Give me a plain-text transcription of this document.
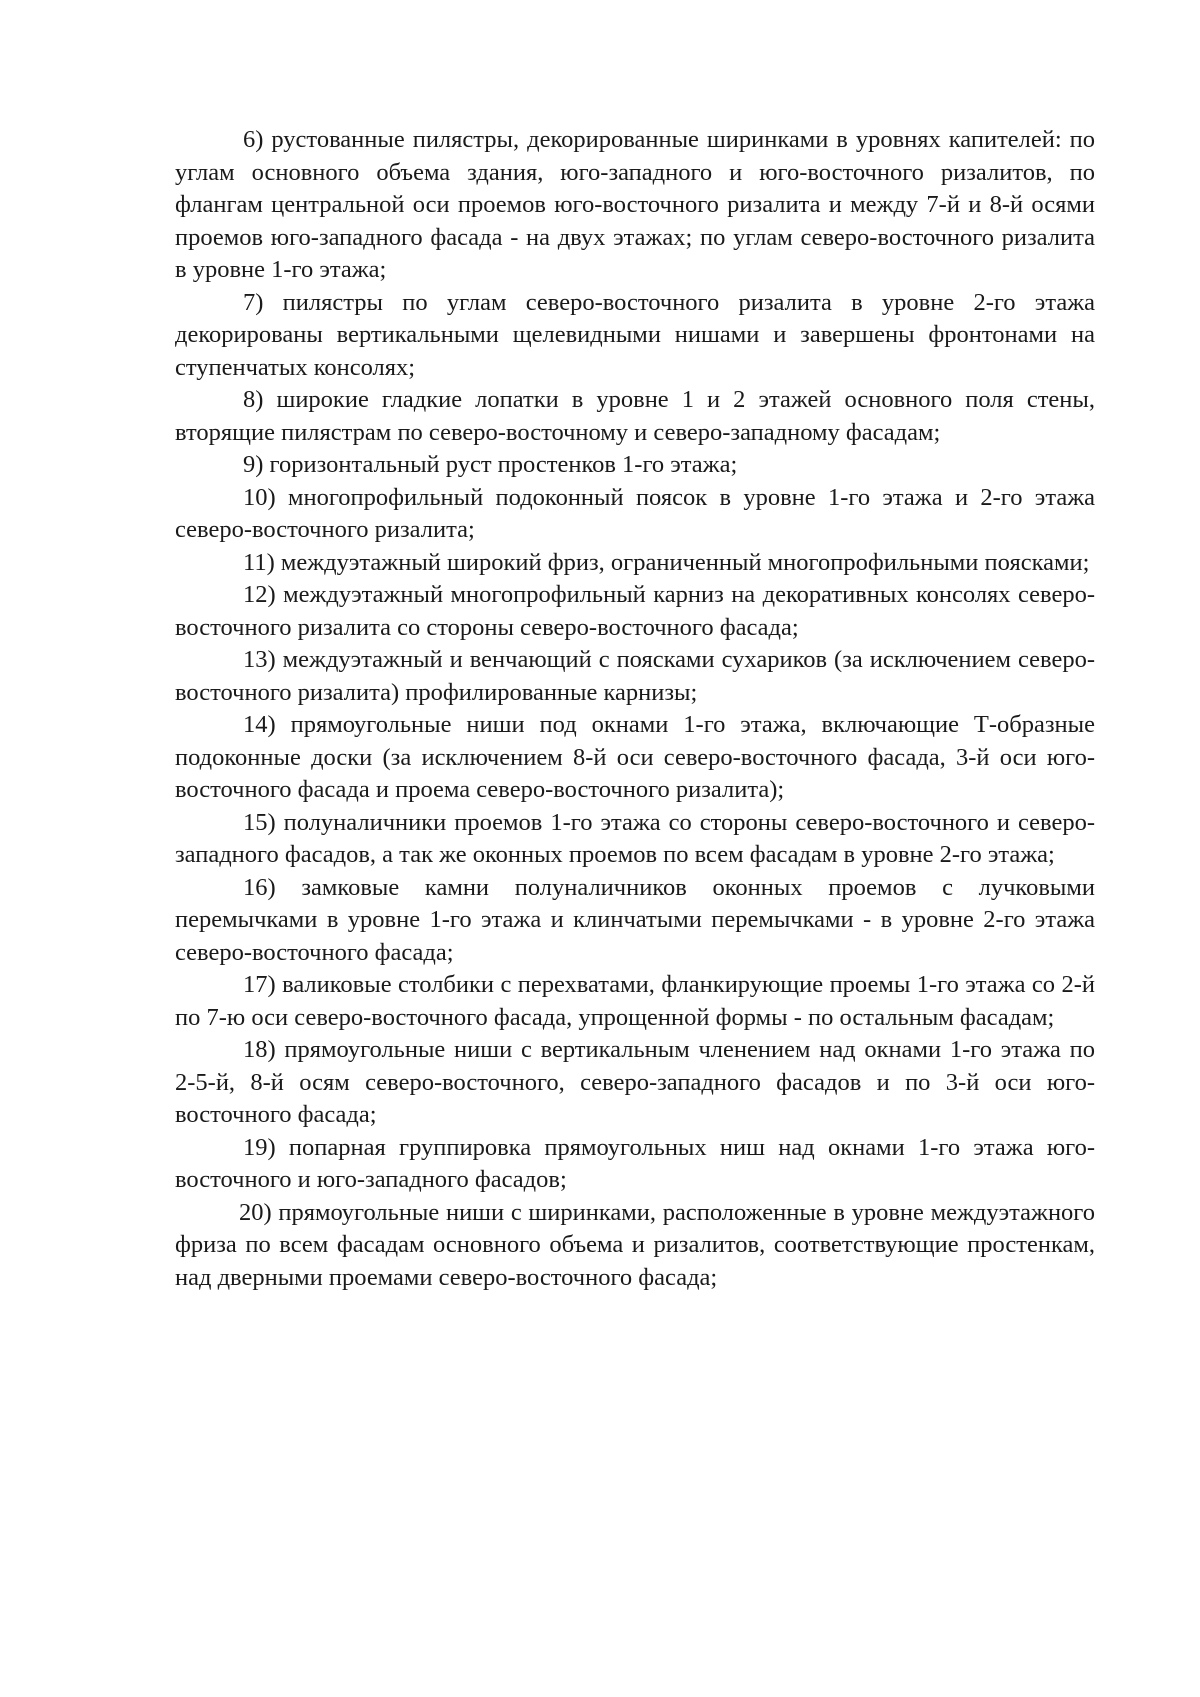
6) рустованные пилястры, декорированные ширинками в уровнях капителей: по углам основного объема здания, юго-западного и юго-восточного ризалитов, по флангам центральной оси проемов юго-восточного ризалита и между 7-й и 8-й осями проемов юго-западного фасада - на двух этажах; по углам северо-восточного ризалита в уровне 1-го этажа;

7) пилястры по углам северо-восточного ризалита в уровне 2-го этажа декорированы вертикальными щелевидными нишами и завершены фронтонами на ступенчатых консолях;

8) широкие гладкие лопатки в уровне 1 и 2 этажей основного поля стены, вторящие пилястрам по северо-восточному и северо-западному фасадам;

9) горизонтальный руст простенков 1-го этажа;

10) многопрофильный подоконный поясок в уровне 1-го этажа и 2-го этажа северо-восточного ризалита;

11) междуэтажный широкий фриз, ограниченный многопрофильными поясками;

12) междуэтажный многопрофильный карниз на декоративных консолях северо-восточного ризалита со стороны северо-восточного фасада;

13) междуэтажный и венчающий с поясками сухариков (за исключением северо-восточного ризалита) профилированные карнизы;

14) прямоугольные ниши под окнами 1-го этажа, включающие Т-образные подоконные доски (за исключением 8-й оси северо-восточного фасада, 3-й оси юго-восточного фасада и проема северо-восточного ризалита);

15) полуналичники проемов 1-го этажа со стороны северо-восточного и северо-западного фасадов, а так же оконных проемов по всем фасадам в уровне 2-го этажа;

16) замковые камни полуналичников оконных проемов с лучковыми перемычками в уровне 1-го этажа и клинчатыми перемычками - в уровне 2-го этажа северо-восточного фасада;

17) валиковые столбики с перехватами, фланкирующие проемы 1-го этажа со 2-й по 7-ю оси северо-восточного фасада, упрощенной формы - по остальным фасадам;

18) прямоугольные ниши с вертикальным членением над окнами 1-го этажа по 2-5-й, 8-й осям северо-восточного, северо-западного фасадов и по 3-й оси юго-восточного фасада;

19) попарная группировка прямоугольных ниш над окнами 1-го этажа юго-восточного и юго-западного фасадов;

20) прямоугольные ниши с ширинками, расположенные в уровне междуэтажного фриза по всем фасадам основного объема и ризалитов, соответствующие простенкам, над дверными проемами северо-восточного фасада;
